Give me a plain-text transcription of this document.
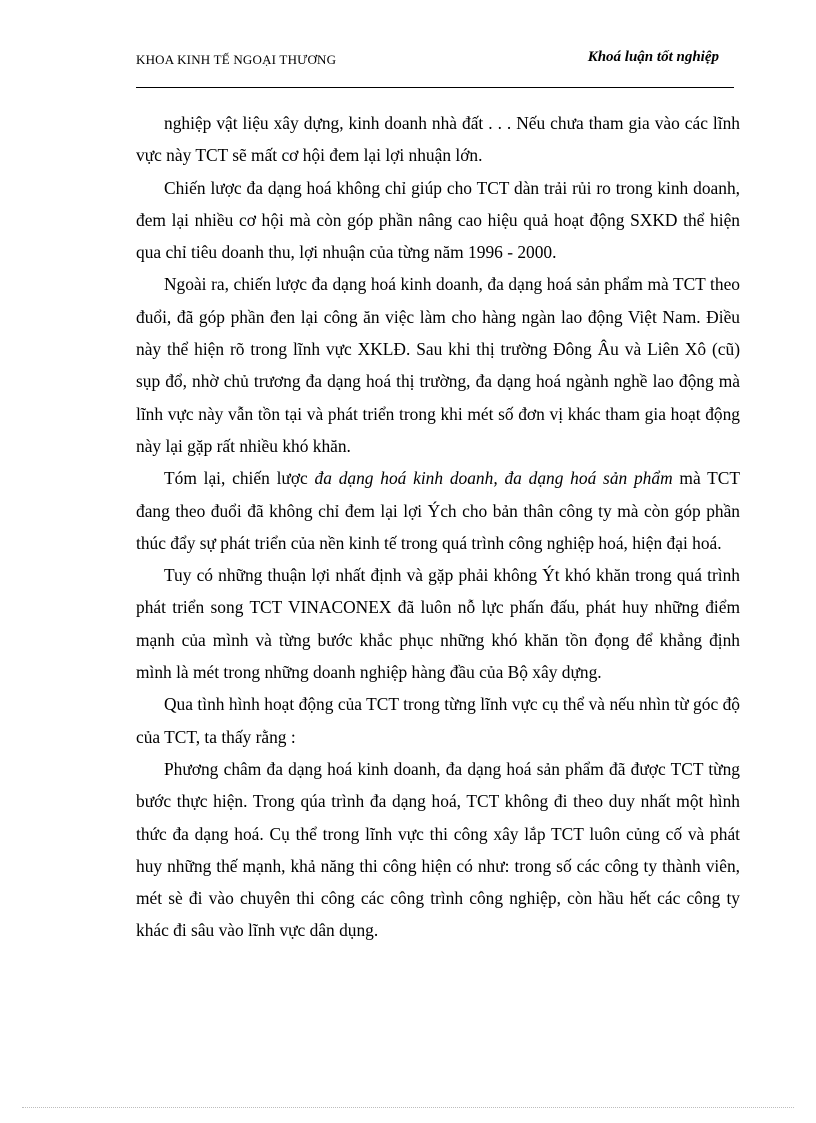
KHOA KINH TẾ NGOẠI THƯƠNG	Khoá luận tốt nghiệp

nghiệp vật liệu xây dựng, kinh doanh nhà đất . . . Nếu chưa tham gia vào các lĩnh vực này TCT sẽ mất cơ hội đem lại lợi nhuận lớn.

Chiến lược đa dạng hoá không chỉ giúp cho TCT dàn trải rủi ro trong kinh doanh, đem lại nhiều cơ hội mà còn góp phần nâng cao hiệu quả hoạt động SXKD thể hiện qua chỉ tiêu doanh thu, lợi nhuận của từng năm 1996 - 2000.

Ngoài ra, chiến lược đa dạng hoá kinh doanh, đa dạng hoá sản phẩm mà TCT theo đuổi, đã góp phần đen lại công ăn việc làm cho hàng ngàn lao động Việt Nam. Điều này thể hiện rõ trong lĩnh vực XKLĐ. Sau khi thị trường Đông Âu và Liên Xô (cũ) sụp đổ, nhờ chủ trương đa dạng hoá thị trường, đa dạng hoá ngành nghề lao động mà lĩnh vực này vẫn tồn tại và phát triển trong khi mét số đơn vị khác tham gia hoạt động này lại gặp rất nhiều khó khăn.

Tóm lại, chiến lược đa dạng hoá kinh doanh, đa dạng hoá sản phẩm mà TCT đang theo đuổi đã không chỉ đem lại lợi Ých cho bản thân công ty mà còn góp phần thúc đẩy sự phát triển của nền kinh tế trong quá trình công nghiệp hoá, hiện đại hoá.

Tuy có những thuận lợi nhất định và gặp phải không Ýt khó khăn trong quá trình phát triển song TCT VINACONEX đã luôn nỗ lực phấn đấu, phát huy những điểm mạnh của mình và từng bước khắc phục những khó khăn tồn đọng để khẳng định mình là mét trong những doanh nghiệp hàng đầu của Bộ xây dựng.

Qua tình hình hoạt động của TCT trong từng lĩnh vực cụ thể và nếu nhìn từ góc độ của TCT, ta thấy rằng :

Phương châm đa dạng hoá kinh doanh, đa dạng hoá sản phẩm đã được TCT từng bước thực hiện. Trong qúa trình đa dạng hoá, TCT không đi theo duy nhất một hình thức đa dạng hoá. Cụ thể trong lĩnh vực thi công xây lắp TCT luôn củng cố và phát huy những thế mạnh, khả năng thi công hiện có như: trong số các công ty thành viên, mét sè đi vào chuyên thi công các công trình công nghiệp, còn hầu hết các công ty khác đi sâu vào lĩnh vực dân dụng.
